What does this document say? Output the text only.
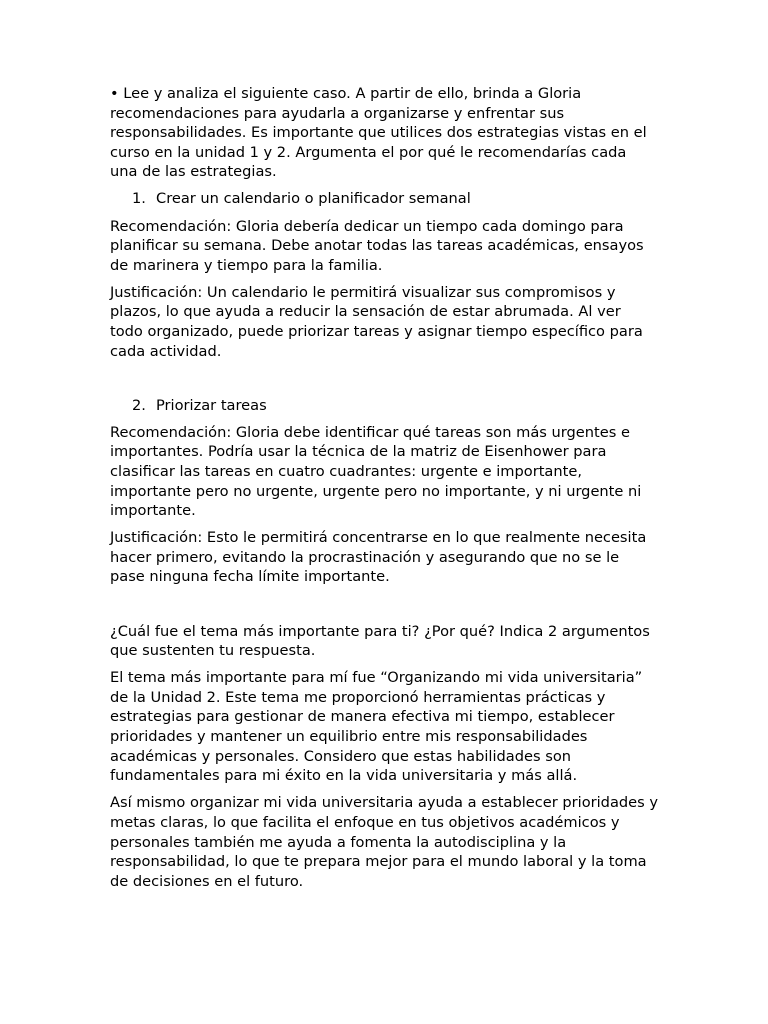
• Lee y analiza el siguiente caso. A partir de ello, brinda a Gloria recomendaciones para ayudarla a organizarse y enfrentar sus responsabilidades. Es importante que utilices dos estrategias vistas en el curso en la unidad 1 y 2. Argumenta el por qué le recomendarías cada una de las estrategias.

1. Crear un calendario o planificador semanal

Recomendación: Gloria debería dedicar un tiempo cada domingo para planificar su semana. Debe anotar todas las tareas académicas, ensayos de marinera y tiempo para la familia.

Justificación: Un calendario le permitirá visualizar sus compromisos y plazos, lo que ayuda a reducir la sensación de estar abrumada. Al ver todo organizado, puede priorizar tareas y asignar tiempo específico para cada actividad.

2. Priorizar tareas

Recomendación: Gloria debe identificar qué tareas son más urgentes e importantes. Podría usar la técnica de la matriz de Eisenhower para clasificar las tareas en cuatro cuadrantes: urgente e importante, importante pero no urgente, urgente pero no importante, y ni urgente ni importante.

Justificación: Esto le permitirá concentrarse en lo que realmente necesita hacer primero, evitando la procrastinación y asegurando que no se le pase ninguna fecha límite importante.

¿Cuál fue el tema más importante para ti? ¿Por qué? Indica 2 argumentos que sustenten tu respuesta.

El tema más importante para mí fue “Organizando mi vida universitaria” de la Unidad 2. Este tema me proporcionó herramientas prácticas y estrategias para gestionar de manera efectiva mi tiempo, establecer prioridades y mantener un equilibrio entre mis responsabilidades académicas y personales. Considero que estas habilidades son fundamentales para mi éxito en la vida universitaria y más allá.

Así mismo organizar mi vida universitaria ayuda a establecer prioridades y metas claras, lo que facilita el enfoque en tus objetivos académicos y personales también me ayuda a fomenta la autodisciplina y la responsabilidad, lo que te prepara mejor para el mundo laboral y la toma de decisiones en el futuro.
